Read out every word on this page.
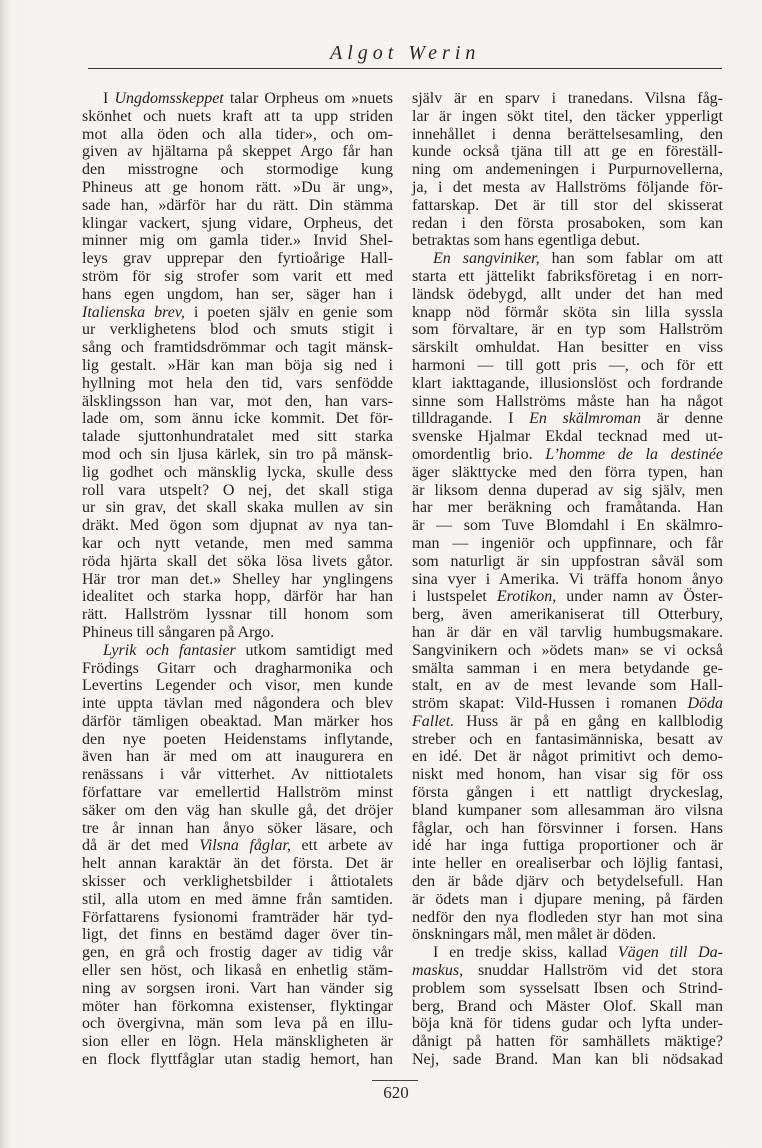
Algot Werin
I Ungdomsskeppet talar Orpheus om »nuets
skönhet och nuets kraft att ta upp striden
mot alla öden och alla tider», och om-
given av hjältarna på skeppet Argo får han
den misstrogne och stormodige kung
Phineus att ge honom rätt. »Du är ung»,
sade han, »därför har du rätt. Din stämma
klingar vackert, sjung vidare, Orpheus, det
minner mig om gamla tider.» Invid Shel-
leys grav upprepar den fyrtioårige Hall-
ström för sig strofer som varit ett med
hans egen ungdom, han ser, säger han i
Italienska brev, i poeten själv en genie som
ur verklighetens blod och smuts stigit i
sång och framtidsdrömmar och tagit mänsk-
lig gestalt. »Här kan man böja sig ned i
hyllning mot hela den tid, vars senfödde
älsklingsson han var, mot den, han vars-
lade om, som ännu icke kommit. Det för-
talade sjuttonhundratalet med sitt starka
mod och sin ljusa kärlek, sin tro på mänsk-
lig godhet och mänsklig lycka, skulle dess
roll vara utspelt? O nej, det skall stiga
ur sin grav, det skall skaka mullen av sin
dräkt. Med ögon som djupnat av nya tan-
kar och nytt vetande, men med samma
röda hjärta skall det söka lösa livets gåtor.
Här tror man det.» Shelley har ynglingens
idealitet och starka hopp, därför har han
rätt. Hallström lyssnar till honom som
Phineus till sångaren på Argo.
Lyrik och fantasier utkom samtidigt med
Frödings Gitarr och dragharmonika och
Levertins Legender och visor, men kunde
inte uppta tävlan med någondera och blev
därför tämligen obeaktad. Man märker hos
den nye poeten Heidenstams inflytande,
även han är med om att inaugurera en
renässans i vår vitterhet. Av nittiotalets
författare var emellertid Hallström minst
säker om den väg han skulle gå, det dröjer
tre år innan han ånyo söker läsare, och
då är det med Vilsna fåglar, ett arbete av
helt annan karaktär än det första. Det är
skisser och verklighetsbilder i åttiotalets
stil, alla utom en med ämne från samtiden.
Författarens fysionomi framträder här tyd-
ligt, det finns en bestämd dager över tin-
gen, en grå och frostig dager av tidig vår
eller sen höst, och likaså en enhetlig stäm-
ning av sorgsen ironi. Vart han vänder sig
möter han förkomna existenser, flyktingar
och övergivna, män som leva på en illu-
sion eller en lögn. Hela mänskligheten är
en flock flyttfåglar utan stadig hemort, han
själv är en sparv i tranedans. Vilsna fåg-
lar är ingen sökt titel, den täcker ypperligt
innehållet i denna berättelsesamling, den
kunde också tjäna till att ge en föreställ-
ning om andemeningen i Purpurnovellerna,
ja, i det mesta av Hallströms följande för-
fattarskap. Det är till stor del skisserat
redan i den första prosaboken, som kan
betraktas som hans egentliga debut.
En sangviniker, han som fablar om att
starta ett jättelikt fabriksföretag i en norr-
ländsk ödebygd, allt under det han med
knapp nöd förmår sköta sin lilla syssla
som förvaltare, är en typ som Hallström
särskilt omhuldat. Han besitter en viss
harmoni — till gott pris —, och för ett
klart iakttagande, illusionslöst och fordrande
sinne som Hallströms måste han ha något
tilldragande. I En skälmroman är denne
svenske Hjalmar Ekdal tecknad med ut-
omordentlig brio. L’homme de la destinée
äger släkttycke med den förra typen, han
är liksom denna duperad av sig själv, men
har mer beräkning och framåtanda. Han
är — som Tuve Blomdahl i En skälmro-
man — ingeniör och uppfinnare, och får
som naturligt är sin uppfostran såväl som
sina vyer i Amerika. Vi träffa honom ånyo
i lustspelet Erotikon, under namn av Öster-
berg, även amerikaniserat till Otterbury,
han är där en väl tarvlig humbugsmakare.
Sangvinikern och »ödets man» se vi också
smälta samman i en mera betydande ge-
stalt, en av de mest levande som Hall-
ström skapat: Vild-Hussen i romanen Döda
Fallet. Huss är på en gång en kallblodig
streber och en fantasimänniska, besatt av
en idé. Det är något primitivt och demo-
niskt med honom, han visar sig för oss
första gången i ett nattligt dryckeslag,
bland kumpaner som allesamman äro vilsna
fåglar, och han försvinner i forsen. Hans
idé har inga futtiga proportioner och är
inte heller en orealiserbar och löjlig fantasi,
den är både djärv och betydelsefull. Han
är ödets man i djupare mening, på färden
nedför den nya flodleden styr han mot sina
önskningars mål, men målet är döden.
I en tredje skiss, kallad Vägen till Da-
maskus, snuddar Hallström vid det stora
problem som sysselsatt Ibsen och Strind-
berg, Brand och Mäster Olof. Skall man
böja knä för tidens gudar och lyfta under-
dånigt på hatten för samhällets mäktige?
Nej, sade Brand. Man kan bli nödsakad
620
